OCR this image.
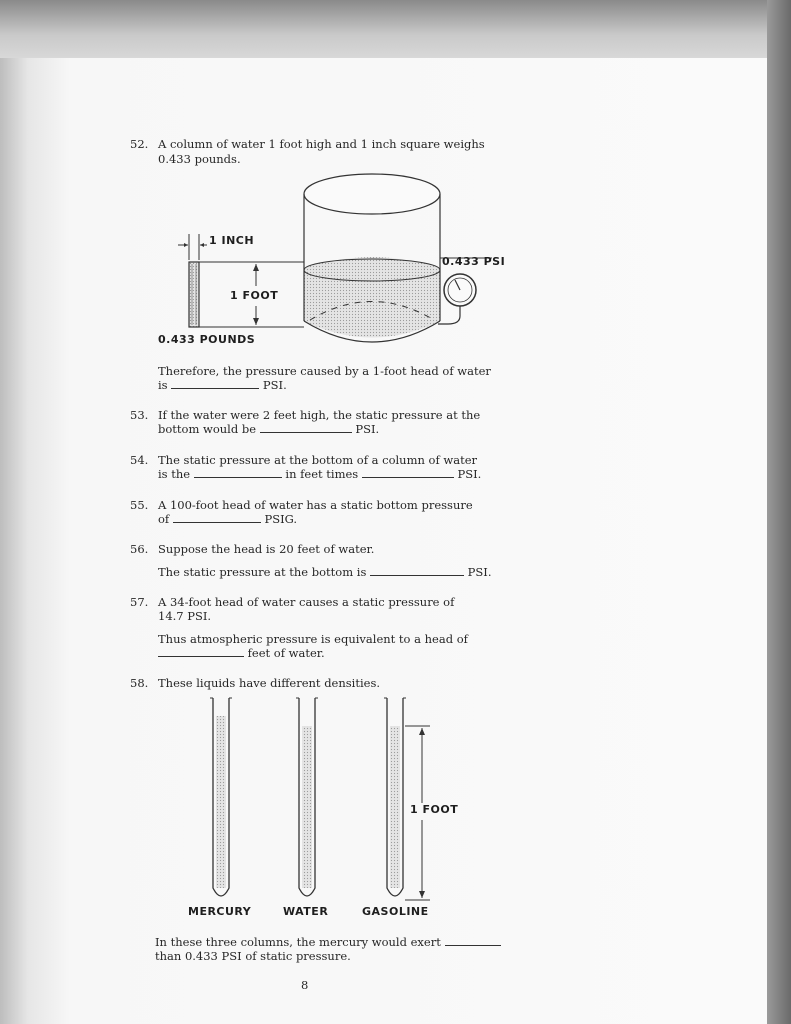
52. A column of water 1 foot high and 1 inch square weighs
0.433 pounds.
1 INCH
1 FOOT
0.433 POUNDS
0.433 PSI
Therefore, the pressure caused by a 1-foot head of water
is	PSI.
53. If the water were 2 feet high, the static pressure at the
bottom would be	PSI.
54. The static pressure at the bottom of a column of water
is the	in feet times	PSI.
55. A 100-foot head of water has a static bottom pressure
of	PSIG.
56. Suppose the head is 20 feet of water.
The static pressure at the bottom is	PSI.
57. A 34-foot head of water causes a static pressure of
14.7 PSI.
Thus atmospheric pressure is equivalent to a head of
feet of water.
58. These liquids have different densities.
1 FOOT
MERCURY	WATER	GASOLINE
In these three columns, the mercury would exert
than 0.433 PSI of static pressure.
8
